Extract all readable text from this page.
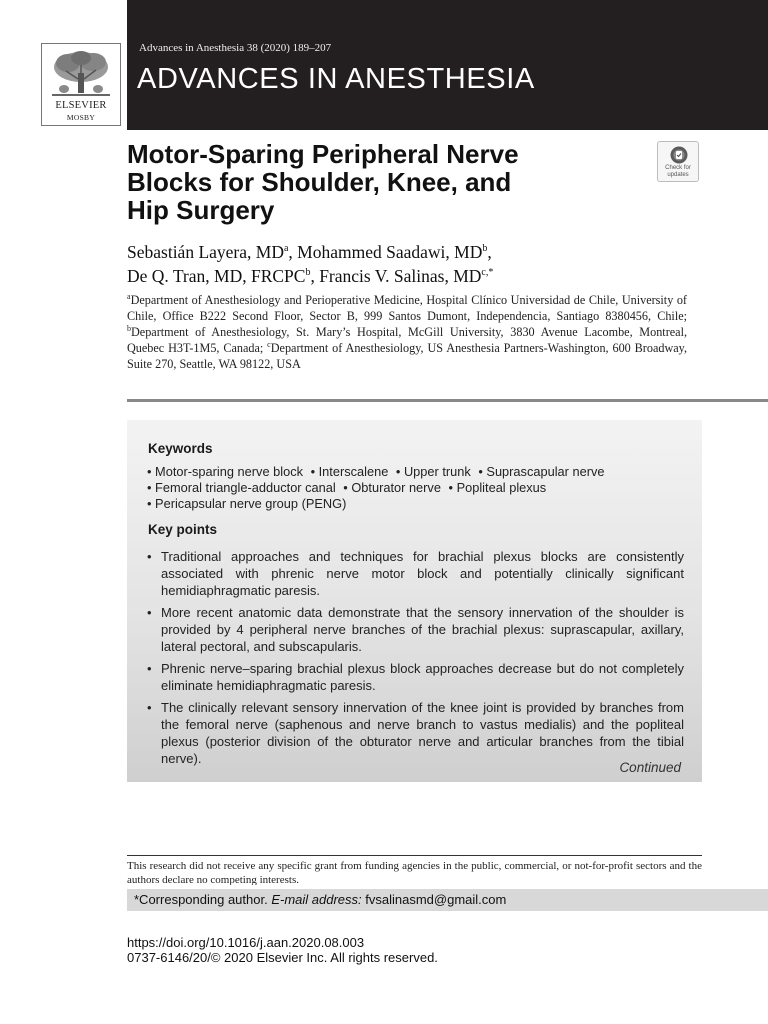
ELSEVIER
MOSBY
Advances in Anesthesia 38 (2020) 189–207
ADVANCES IN ANESTHESIA
Motor-Sparing Peripheral Nerve
Blocks for Shoulder, Knee, and
Hip Surgery
Check for
updates
Sebastián Layera, $MD^a$, Mohammed Saadawi, $MD^b$,
De Q. Tran, MD, FRCPC$^b$, Francis V. Salinas, $MD^{c,*}$
$^a$Department of Anesthesiology and Perioperative Medicine, Hospital Clínico Universidad de Chile, University of Chile, Office B222 Second Floor, Sector B, 999 Santos Dumont, Independencia, Santiago 8380456, Chile; $^b$Department of Anesthesiology, St. Mary’s Hospital, McGill University, 3830 Avenue Lacombe, Montreal, Quebec H3T-1M5, Canada; $^c$Department of Anesthesiology, US Anesthesia Partners-Washington, 600 Broadway, Suite 270, Seattle, WA 98122, USA
Keywords
• Motor-sparing nerve block • Interscalene • Upper trunk • Suprascapular nerve
• Femoral triangle-adductor canal • Obturator nerve • Popliteal plexus
• Pericapsular nerve group (PENG)
Key points
• Traditional approaches and techniques for brachial plexus blocks are consistently associated with phrenic nerve motor block and potentially clinically significant hemidiaphragmatic paresis.
• More recent anatomic data demonstrate that the sensory innervation of the shoulder is provided by 4 peripheral nerve branches of the brachial plexus: suprascapular, axillary, lateral pectoral, and subscapularis.
• Phrenic nerve–sparing brachial plexus block approaches decrease but do not completely eliminate hemidiaphragmatic paresis.
• The clinically relevant sensory innervation of the knee joint is provided by branches from the femoral nerve (saphenous and nerve branch to vastus medialis) and the popliteal plexus (posterior division of the obturator nerve and articular branches from the tibial nerve).
Continued
This research did not receive any specific grant from funding agencies in the public, commercial, or not-for-profit sectors and the authors declare no competing interests.
*Corresponding author. E-mail address: fvsalinasmd@gmail.com
https://doi.org/10.1016/j.aan.2020.08.003
0737-6146/20/© 2020 Elsevier Inc. All rights reserved.
